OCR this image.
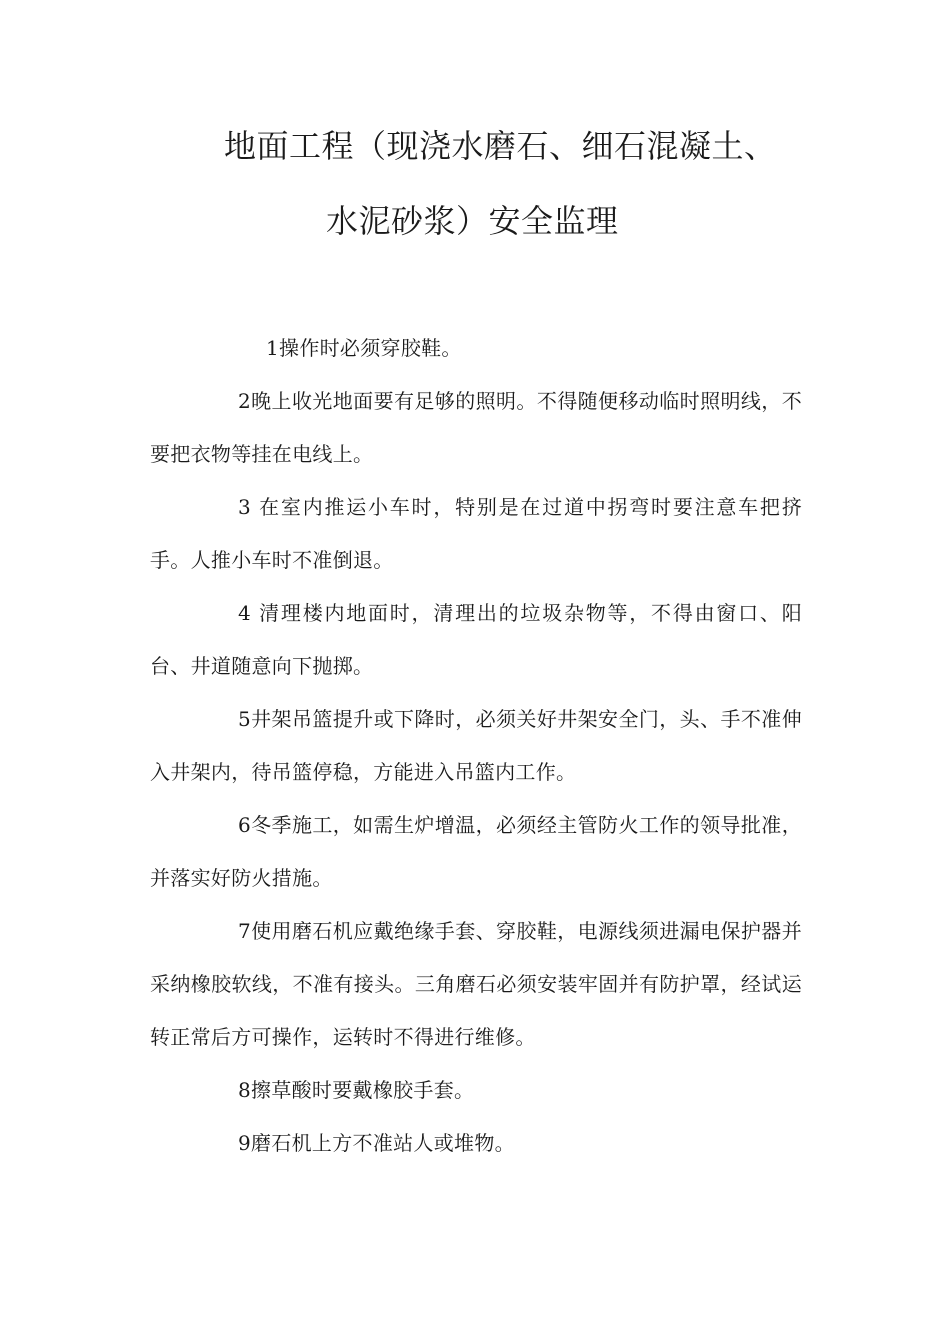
地面工程（现浇水磨石、细石混凝土、
水泥砂浆）安全监理

1操作时必须穿胶鞋。

2晚上收光地面要有足够的照明。不得随便移动临时照明线，不要把衣物等挂在电线上。

3 在室内推运小车时，特别是在过道中拐弯时要注意车把挤手。人推小车时不准倒退。

4 清理楼内地面时，清理出的垃圾杂物等，不得由窗口、阳台、井道随意向下抛掷。

5井架吊篮提升或下降时，必须关好井架安全门，头、手不准伸入井架内，待吊篮停稳，方能进入吊篮内工作。

6冬季施工，如需生炉增温，必须经主管防火工作的领导批准，并落实好防火措施。

7使用磨石机应戴绝缘手套、穿胶鞋，电源线须进漏电保护器并采纳橡胶软线，不准有接头。三角磨石必须安装牢固并有防护罩，经试运转正常后方可操作，运转时不得进行维修。

8擦草酸时要戴橡胶手套。

9磨石机上方不准站人或堆物。
